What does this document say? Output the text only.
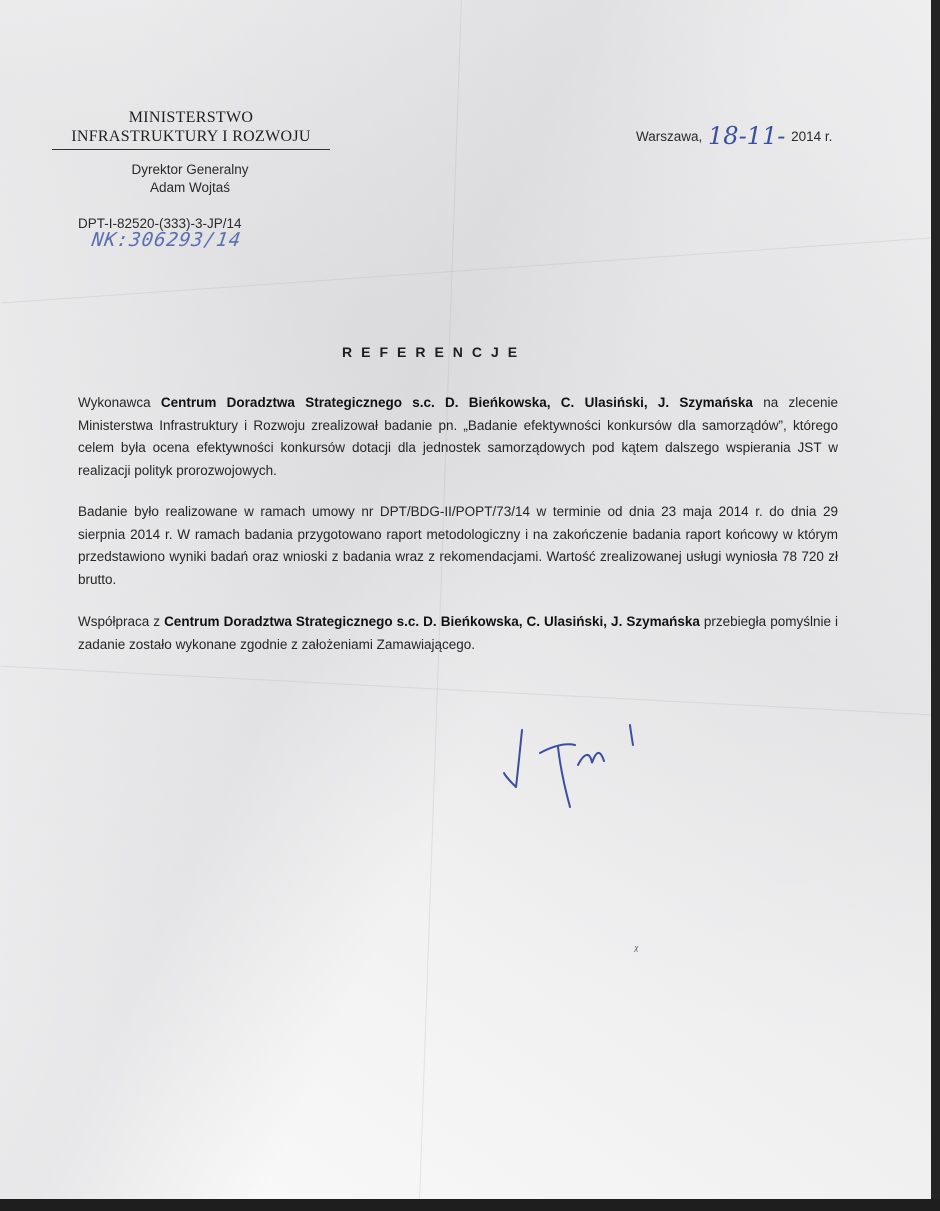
MINISTERSTWO
INFRASTRUKTURY I ROZWOJU
Dyrektor Generalny
Adam Wojtaś
DPT-I-82520-(333)-3-JP/14
NK:306293/14
Warszawa, 18-11- 2014 r.
REFERENCJE
Wykonawca Centrum Doradztwa Strategicznego s.c. D. Bieńkowska, C. Ulasiński, J. Szymańska na zlecenie Ministerstwa Infrastruktury i Rozwoju zrealizował badanie pn. „Badanie efektywności konkursów dla samorządów”, którego celem była ocena efektywności konkursów dotacji dla jednostek samorządowych pod kątem dalszego wspierania JST w realizacji polityk prorozwojowych.
Badanie było realizowane w ramach umowy nr DPT/BDG-II/POPT/73/14 w terminie od dnia 23 maja 2014 r. do dnia 29 sierpnia 2014 r. W ramach badania przygotowano raport metodologiczny i na zakończenie badania raport końcowy w którym przedstawiono wyniki badań oraz wnioski z badania wraz z rekomendacjami. Wartość zrealizowanej usługi wyniosła 78 720 zł brutto.
Współpraca z Centrum Doradztwa Strategicznego s.c. D. Bieńkowska, C. Ulasiński, J. Szymańska przebiegła pomyślnie i zadanie zostało wykonane zgodnie z założeniami Zamawiającego.
ᵡ
